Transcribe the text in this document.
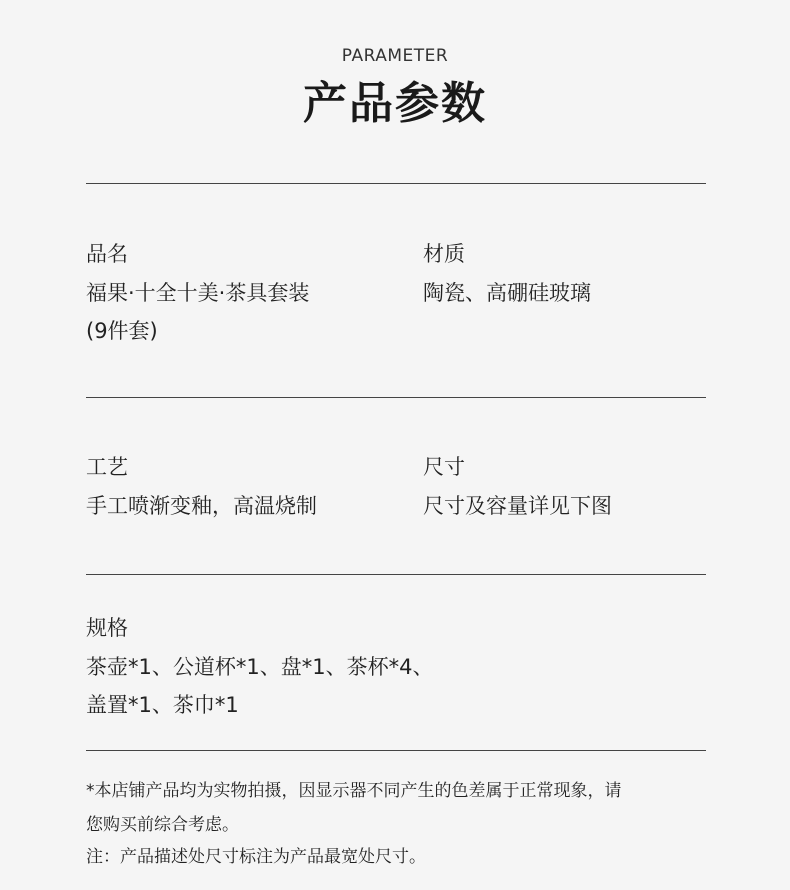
PARAMETER
产品参数
品名
福果·十全十美·茶具套装
(9件套)
材质
陶瓷、高硼硅玻璃
工艺
手工喷渐变釉，高温烧制
尺寸
尺寸及容量详见下图
规格
茶壶*1、公道杯*1、盘*1、茶杯*4、
盖置*1、茶巾*1
*本店铺产品均为实物拍摄，因显示器不同产生的色差属于正常现象，请
您购买前综合考虑。
注：产品描述处尺寸标注为产品最宽处尺寸。
